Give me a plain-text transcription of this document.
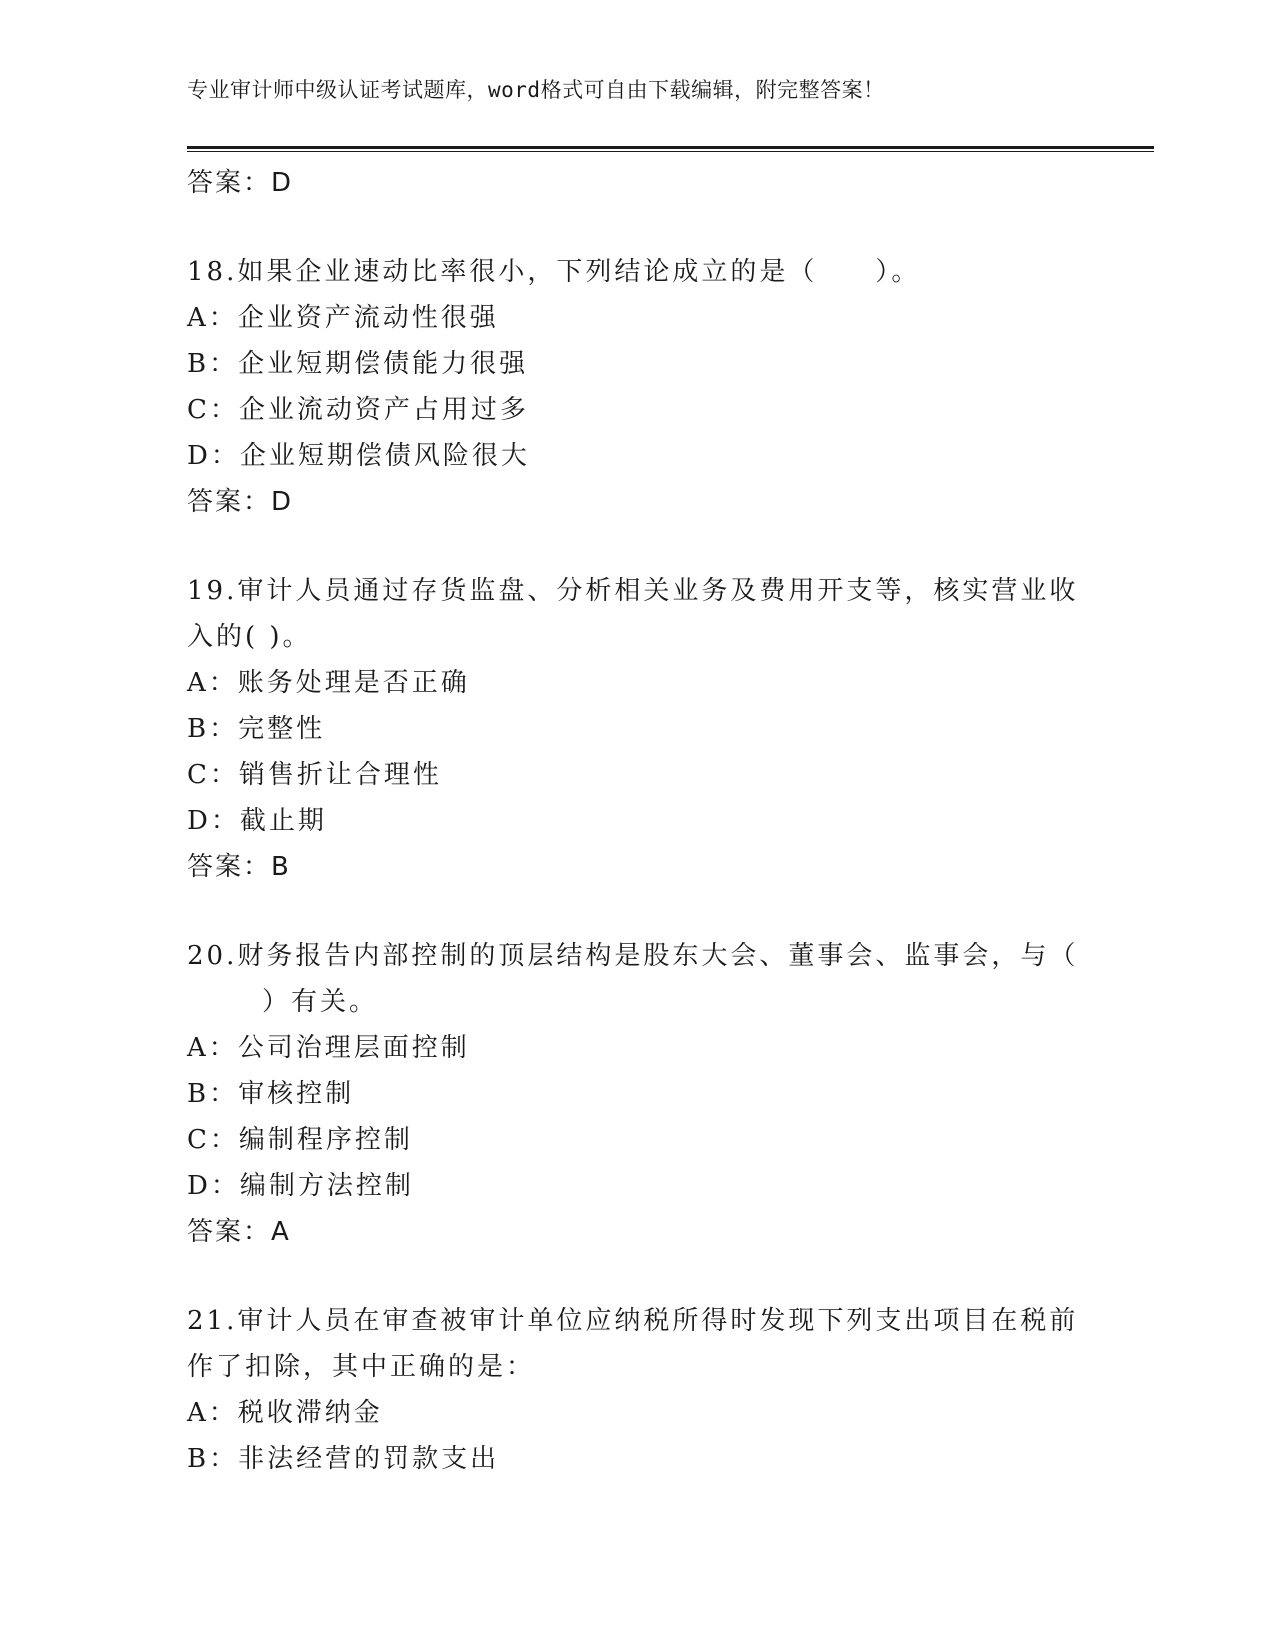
专业审计师中级认证考试题库，word格式可自由下载编辑，附完整答案！
答案：D
18.如果企业速动比率很小，下列结论成立的是（　　）。
A：企业资产流动性很强
B：企业短期偿债能力很强
C：企业流动资产占用过多
D：企业短期偿债风险很大
答案：D
19.审计人员通过存货监盘、分析相关业务及费用开支等，核实营业收
入的( )。
A：账务处理是否正确
B：完整性
C：销售折让合理性
D：截止期
答案：B
20.财务报告内部控制的顶层结构是股东大会、董事会、监事会，与（
）有关。
A：公司治理层面控制
B：审核控制
C：编制程序控制
D：编制方法控制
答案：A
21.审计人员在审查被审计单位应纳税所得时发现下列支出项目在税前
作了扣除，其中正确的是：
A：税收滞纳金
B：非法经营的罚款支出
